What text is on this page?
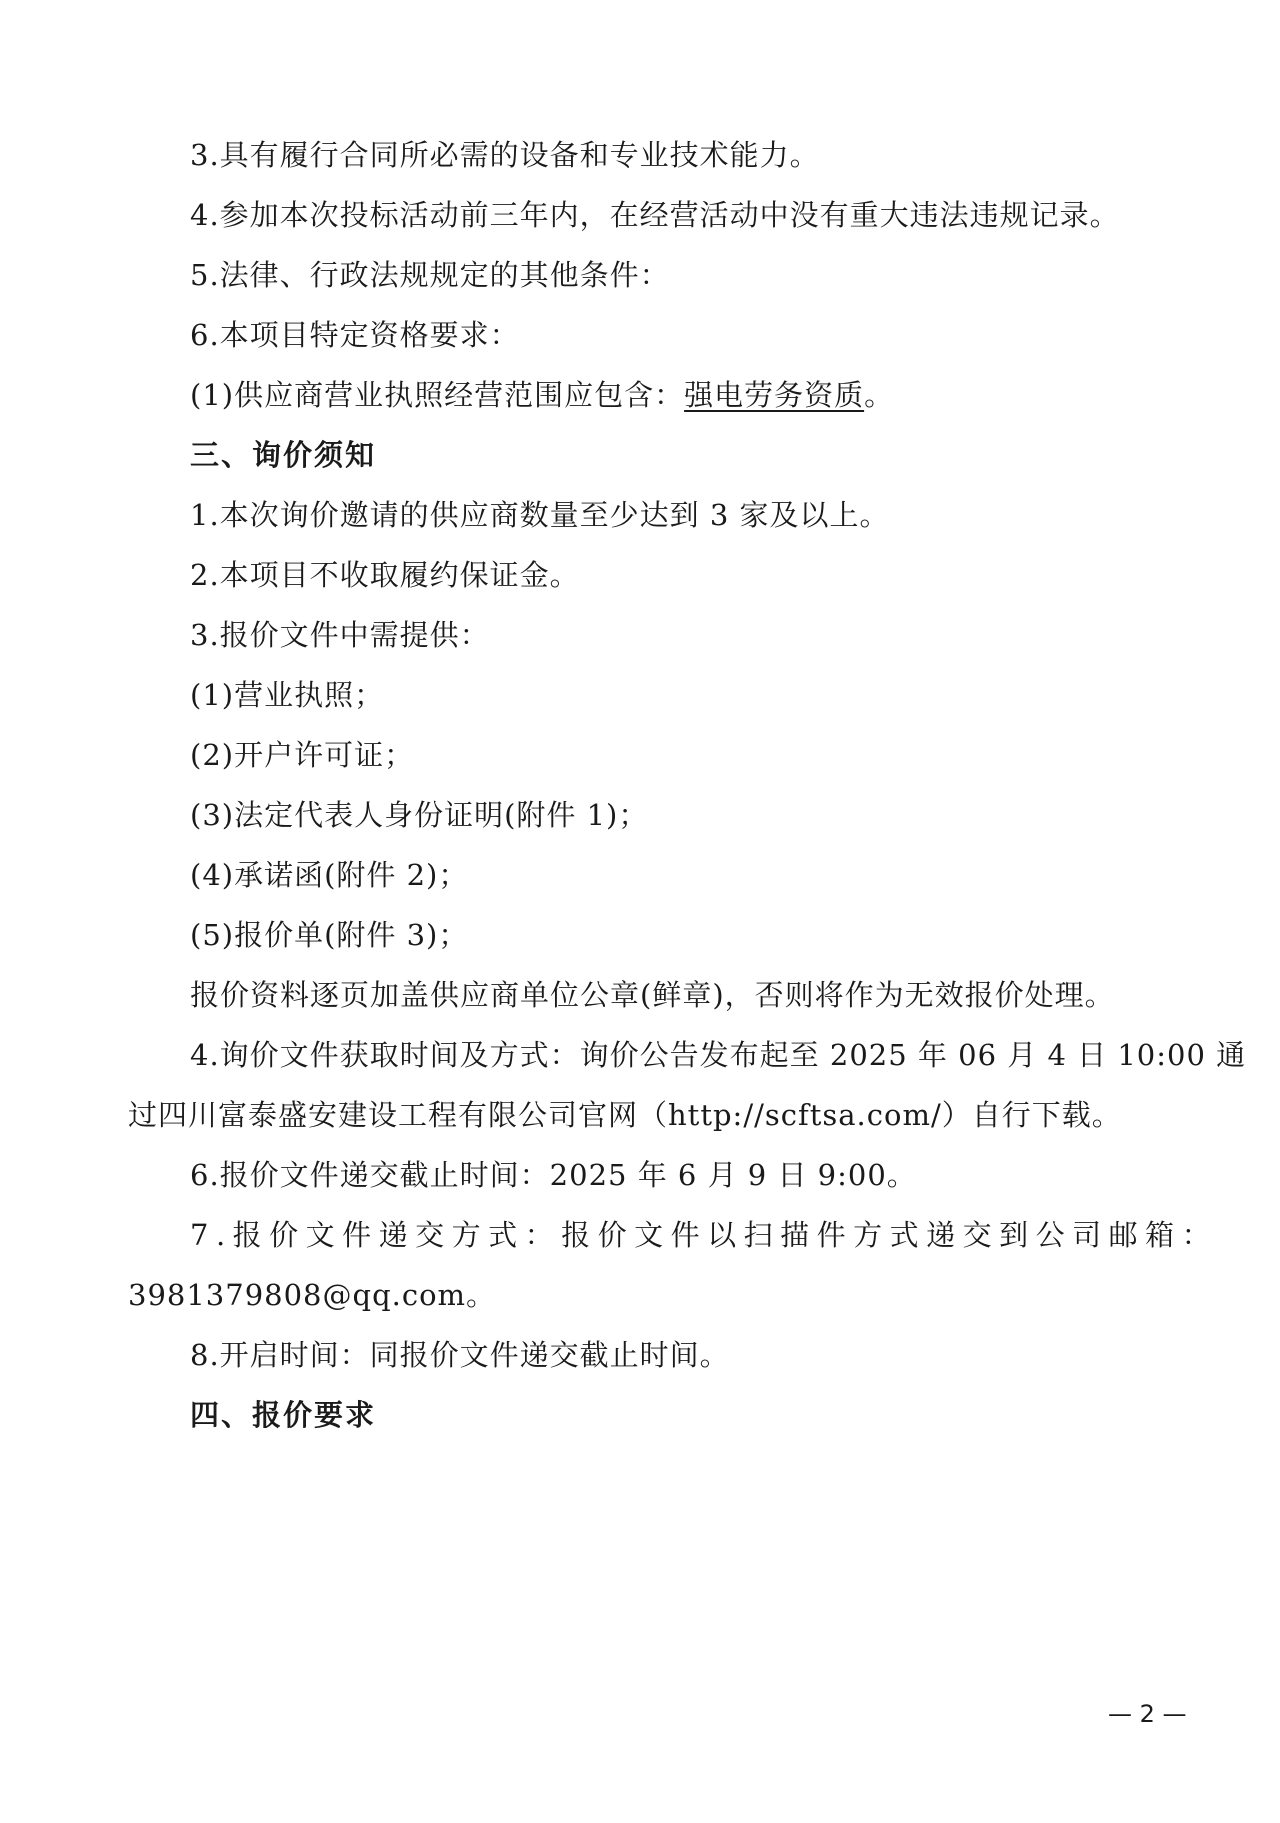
3.具有履行合同所必需的设备和专业技术能力。
4.参加本次投标活动前三年内，在经营活动中没有重大违法违规记录。
5.法律、行政法规规定的其他条件：
6.本项目特定资格要求：
(1)供应商营业执照经营范围应包含：强电劳务资质。
三、询价须知
1.本次询价邀请的供应商数量至少达到 3 家及以上。
2.本项目不收取履约保证金。
3.报价文件中需提供：
(1)营业执照；
(2)开户许可证；
(3)法定代表人身份证明(附件 1)；
(4)承诺函(附件 2)；
(5)报价单(附件 3)；
报价资料逐页加盖供应商单位公章(鲜章)，否则将作为无效报价处理。
4.询价文件获取时间及方式：询价公告发布起至 2025 年 06 月 4 日 10:00 通
过四川富泰盛安建设工程有限公司官网（http://scftsa.com/）自行下载。
6.报价文件递交截止时间：2025 年 6 月 9 日 9:00。
7.报价文件递交方式：报价文件以扫描件方式递交到公司邮箱：
3981379808@qq.com。
8.开启时间：同报价文件递交截止时间。
四、报价要求
— 2 —
